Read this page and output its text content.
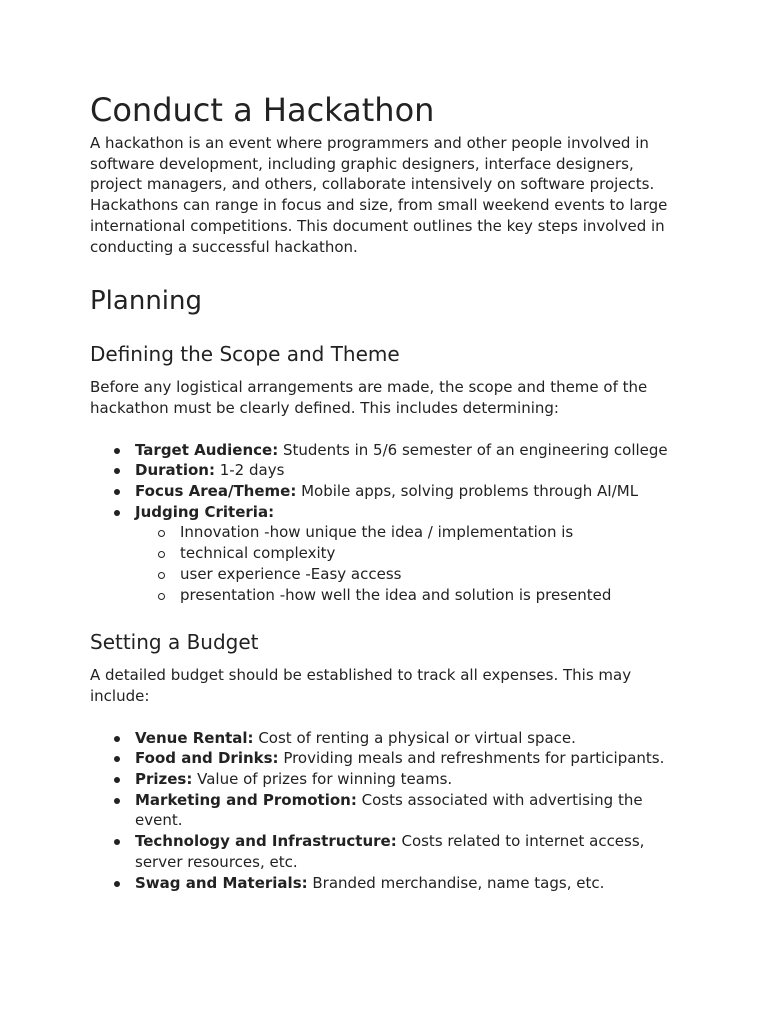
Conduct a Hackathon

A hackathon is an event where programmers and other people involved in software development, including graphic designers, interface designers, project managers, and others, collaborate intensively on software projects. Hackathons can range in focus and size, from small weekend events to large international competitions. This document outlines the key steps involved in conducting a successful hackathon.

Planning
Defining the Scope and Theme

Before any logistical arrangements are made, the scope and theme of the hackathon must be clearly defined. This includes determining:

Target Audience: Students in 5/6 semester of an engineering college
Duration: 1-2 days
Focus Area/Theme: Mobile apps, solving problems through AI/ML
Judging Criteria:
Innovation -how unique the idea / implementation is
technical complexity
user experience -Easy access
presentation -how well the idea and solution is presented
Setting a Budget

A detailed budget should be established to track all expenses. This may include:

Venue Rental: Cost of renting a physical or virtual space.
Food and Drinks: Providing meals and refreshments for participants.
Prizes: Value of prizes for winning teams.
Marketing and Promotion: Costs associated with advertising the event.
Technology and Infrastructure: Costs related to internet access, server resources, etc.
Swag and Materials: Branded merchandise, name tags, etc.
